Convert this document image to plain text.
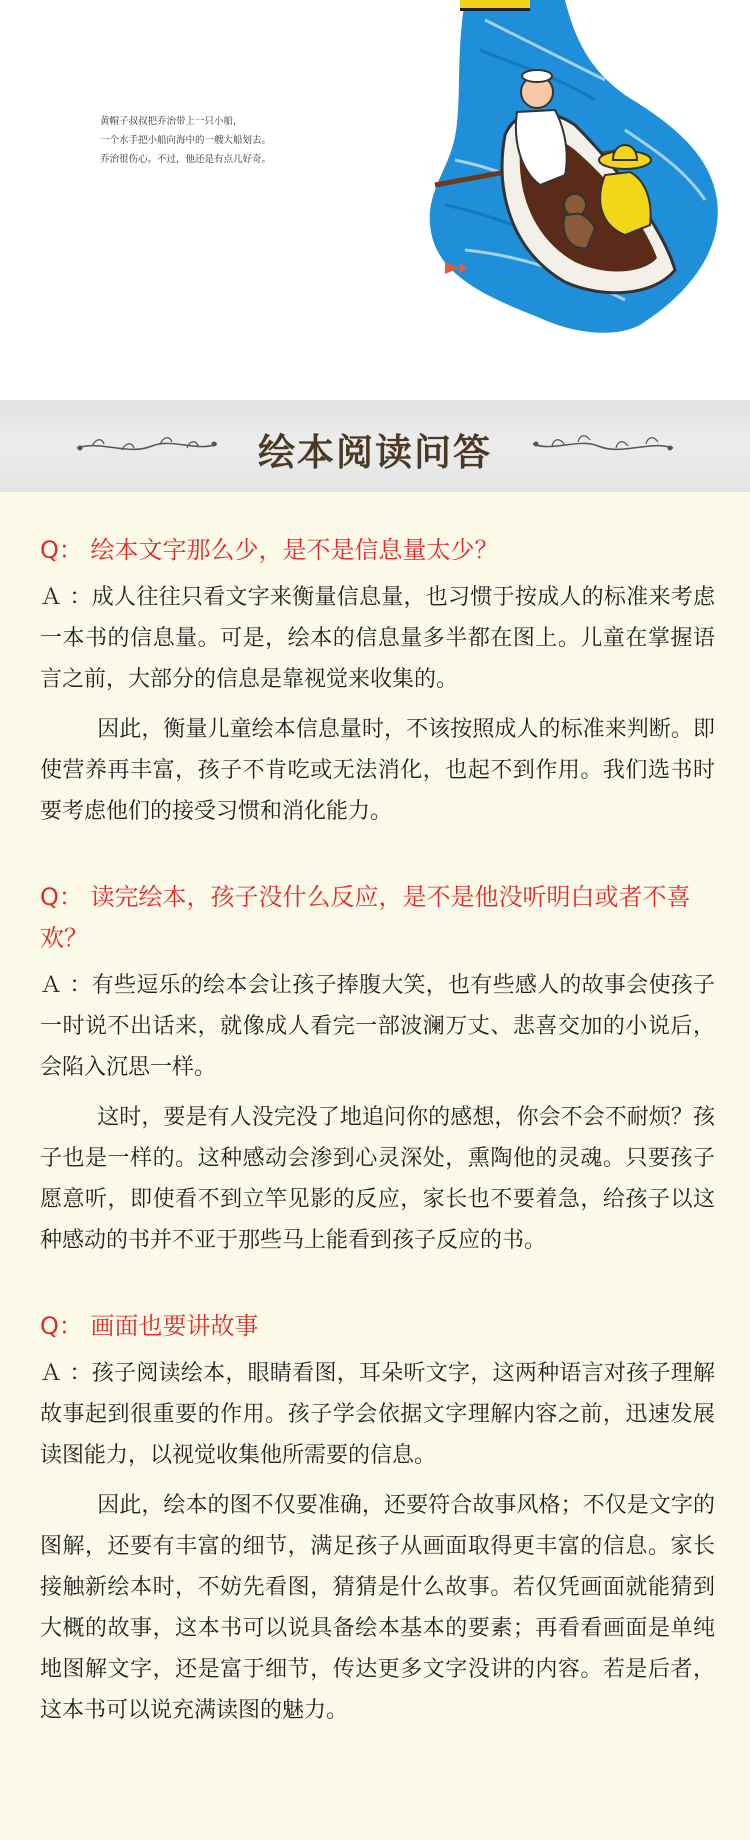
黄帽子叔叔把乔治带上一只小船，
一个水手把小船向海中的一艘大船划去。
乔治很伤心。不过，他还是有点儿好奇。
绘本阅读问答
Q： 绘本文字那么少，是不是信息量太少？

Ａ ：成人往往只看文字来衡量信息量，也习惯于按成人的标准来考虑一本书的信息量。可是，绘本的信息量多半都在图上。儿童在掌握语言之前，大部分的信息是靠视觉来收集的。

因此，衡量儿童绘本信息量时，不该按照成人的标准来判断。即使营养再丰富，孩子不肯吃或无法消化，也起不到作用。我们选书时要考虑他们的接受习惯和消化能力。

Q： 读完绘本，孩子没什么反应，是不是他没听明白或者不喜欢？

Ａ ：有些逗乐的绘本会让孩子捧腹大笑，也有些感人的故事会使孩子一时说不出话来，就像成人看完一部波澜万丈、悲喜交加的小说后，会陷入沉思一样。

这时，要是有人没完没了地追问你的感想，你会不会不耐烦？孩子也是一样的。这种感动会渗到心灵深处，熏陶他的灵魂。只要孩子愿意听，即使看不到立竿见影的反应，家长也不要着急，给孩子以这种感动的书并不亚于那些马上能看到孩子反应的书。

Q： 画面也要讲故事

Ａ ：孩子阅读绘本，眼睛看图，耳朵听文字，这两种语言对孩子理解故事起到很重要的作用。孩子学会依据文字理解内容之前，迅速发展读图能力，以视觉收集他所需要的信息。

因此，绘本的图不仅要准确，还要符合故事风格；不仅是文字的图解，还要有丰富的细节，满足孩子从画面取得更丰富的信息。家长接触新绘本时，不妨先看图，猜猜是什么故事。若仅凭画面就能猜到大概的故事，这本书可以说具备绘本基本的要素；再看看画面是单纯地图解文字，还是富于细节，传达更多文字没讲的内容。若是后者，这本书可以说充满读图的魅力。
